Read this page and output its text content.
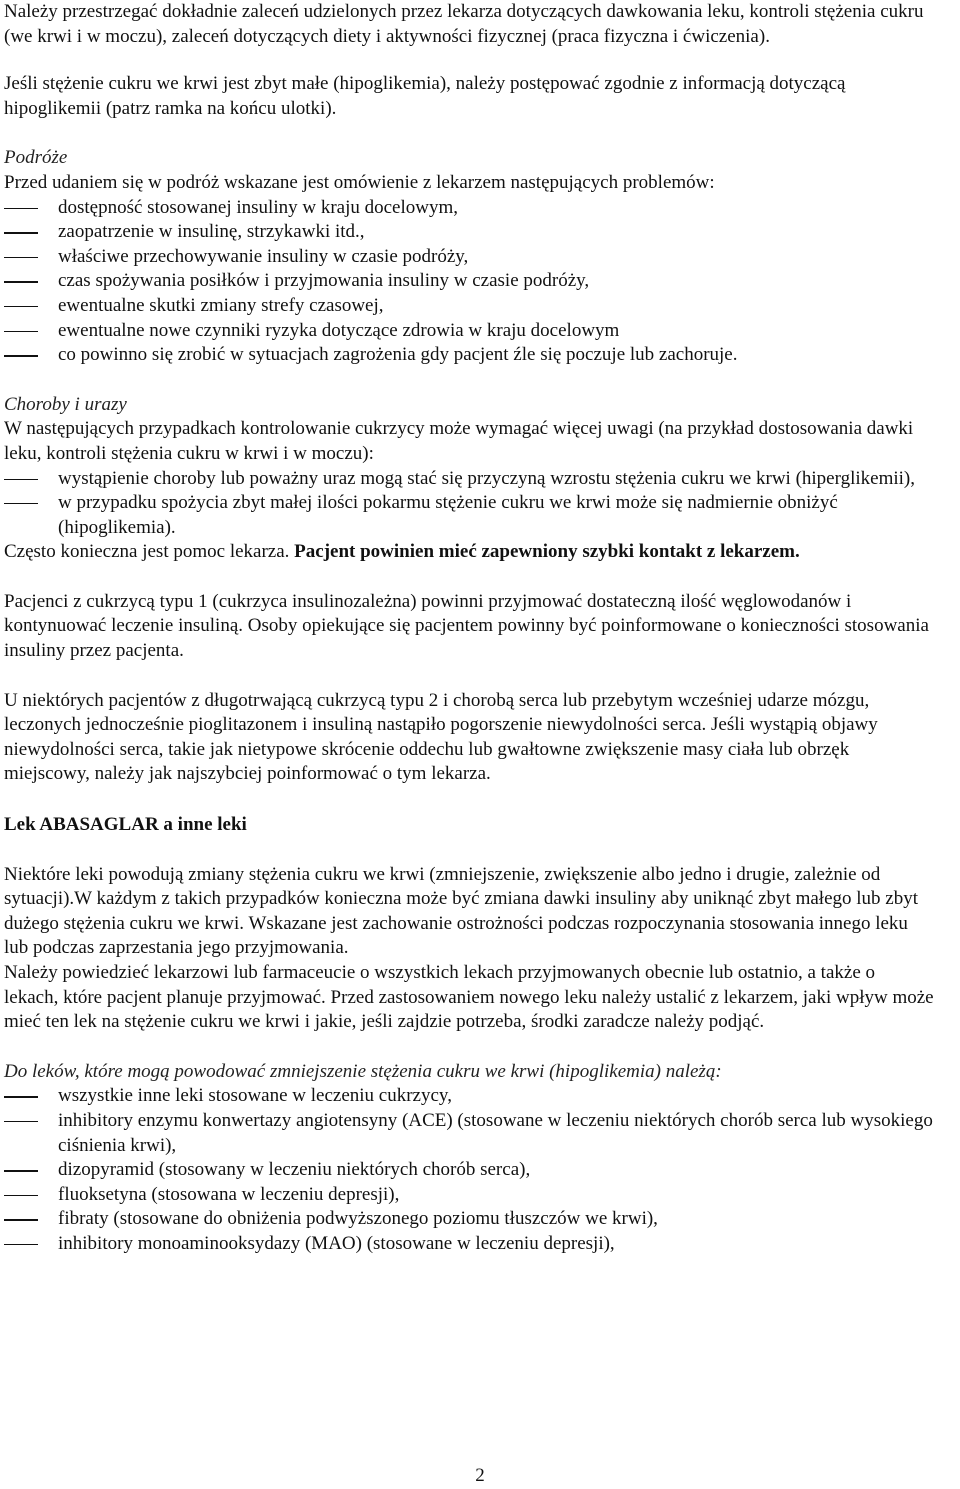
Należy przestrzegać dokładnie zaleceń udzielonych przez lekarza dotyczących dawkowania leku, kontroli stężenia cukru (we krwi i w moczu), zaleceń dotyczących diety i aktywności fizycznej (praca fizyczna i ćwiczenia).

Jeśli stężenie cukru we krwi jest zbyt małe (hipoglikemia), należy postępować zgodnie z informacją dotyczącą hipoglikemii (patrz ramka na końcu ulotki).

Podróże

Przed udaniem się w podróż wskazane jest omówienie z lekarzem następujących problemów:

dostępność stosowanej insuliny w kraju docelowym,
zaopatrzenie w insulinę, strzykawki itd.,
właściwe przechowywanie insuliny w czasie podróży,
czas spożywania posiłków i przyjmowania insuliny w czasie podróży,
ewentualne skutki zmiany strefy czasowej,
ewentualne nowe czynniki ryzyka dotyczące zdrowia w kraju docelowym
co powinno się zrobić w sytuacjach zagrożenia gdy pacjent źle się poczuje lub zachoruje.

Choroby i urazy

W następujących przypadkach kontrolowanie cukrzycy może wymagać więcej uwagi (na przykład dostosowania dawki leku, kontroli stężenia cukru w krwi i w moczu):

wystąpienie choroby lub poważny uraz mogą stać się przyczyną wzrostu stężenia cukru we krwi (hiperglikemii),
w przypadku spożycia zbyt małej ilości pokarmu stężenie cukru we krwi może się nadmiernie obniżyć (hipoglikemia).

Często konieczna jest pomoc lekarza. Pacjent powinien mieć zapewniony szybki kontakt z lekarzem.

Pacjenci z cukrzycą typu 1 (cukrzyca insulinozależna) powinni przyjmować dostateczną ilość węglowodanów i kontynuować leczenie insuliną. Osoby opiekujące się pacjentem powinny być poinformowane o konieczności stosowania insuliny przez pacjenta.

U niektórych pacjentów z długotrwającą cukrzycą typu 2 i chorobą serca lub przebytym wcześniej udarze mózgu, leczonych jednocześnie pioglitazonem i insuliną nastąpiło pogorszenie niewydolności serca. Jeśli wystąpią objawy niewydolności serca, takie jak nietypowe skrócenie oddechu lub gwałtowne zwiększenie masy ciała lub obrzęk miejscowy, należy jak najszybciej poinformować o tym lekarza.

Lek ABASAGLAR a inne leki

Niektóre leki powodują zmiany stężenia cukru we krwi (zmniejszenie, zwiększenie albo jedno i drugie, zależnie od sytuacji).W każdym z takich przypadków konieczna może być zmiana dawki insuliny aby uniknąć zbyt małego lub zbyt dużego stężenia cukru we krwi. Wskazane jest zachowanie ostrożności podczas rozpoczynania stosowania innego leku lub podczas zaprzestania jego przyjmowania.

Należy powiedzieć lekarzowi lub farmaceucie o wszystkich lekach przyjmowanych obecnie lub ostatnio, a także o lekach, które pacjent planuje przyjmować. Przed zastosowaniem nowego leku należy ustalić z lekarzem, jaki wpływ może mieć ten lek na stężenie cukru we krwi i jakie, jeśli zajdzie potrzeba, środki zaradcze należy podjąć.

Do leków, które mogą powodować zmniejszenie stężenia cukru we krwi (hipoglikemia) należą:

wszystkie inne leki stosowane w leczeniu cukrzycy,
inhibitory enzymu konwertazy angiotensyny (ACE) (stosowane w leczeniu niektórych chorób serca lub wysokiego ciśnienia krwi),
dizopyramid (stosowany w leczeniu niektórych chorób serca),
fluoksetyna (stosowana w leczeniu depresji),
fibraty (stosowane do obniżenia podwyższonego poziomu tłuszczów we krwi),
inhibitory monoaminooksydazy (MAO) (stosowane w leczeniu depresji),
2
